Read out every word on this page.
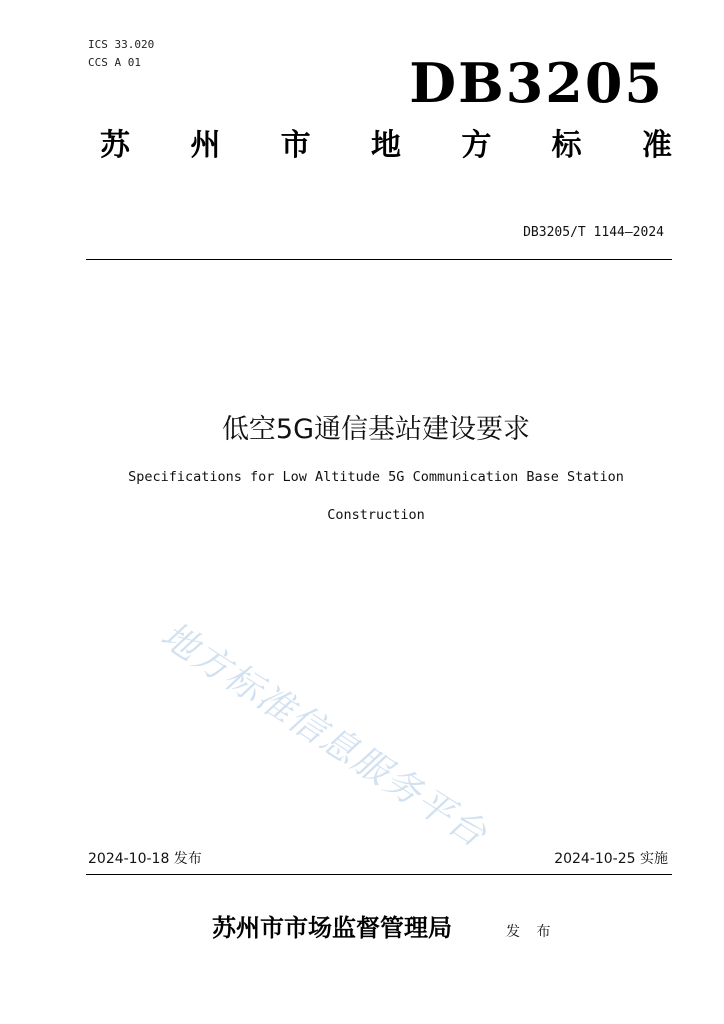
ICS 33.020
CCS A 01	DB3205
苏 州 市 地 方 标 准
DB3205/T 1144—2024
低空5G通信基站建设要求
Specifications for Low Altitude 5G Communication Base Station
Construction
地方标准信息服务平台
2024-10-18 发布	2024-10-25 实施
苏州市市场监督管理局	发 布
